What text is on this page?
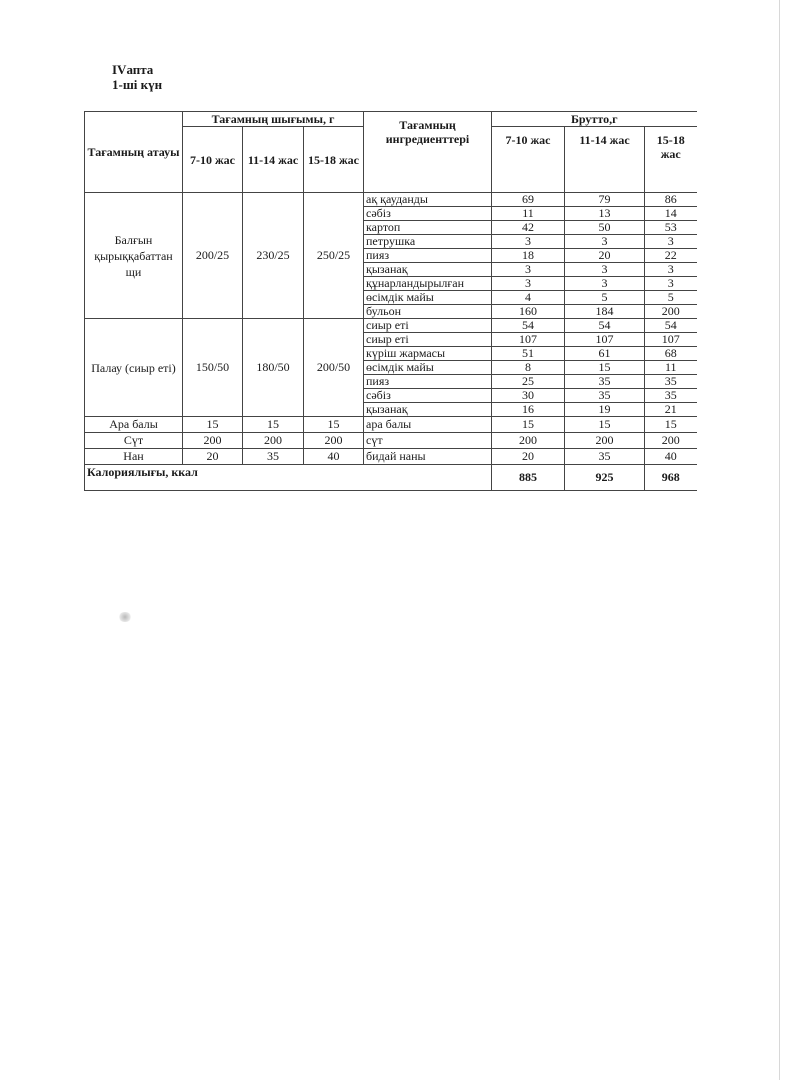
IVапта
1-ші күн
Тағамның атауы	Тағамның шығымы, г			Тағамның ингредиенттері	Брутто,г		
	7-10 жас	11-14 жас	15-18 жас		7-10 жас	11-14 жас	15-18 жас
Балғын қырыққабаттан щи	200/25	230/25	250/25	ақ қауданды	69	79	86
				сәбіз	11	13	14
				картоп	42	50	53
				петрушка	3	3	3
				пияз	18	20	22
				қызанақ	3	3	3
				құнарландырылған	3	3	3
				өсімдік майы	4	5	5
				бульон	160	184	200
Палау (сиыр еті)	150/50	180/50	200/50	сиыр еті	54	54	54
				сиыр еті	107	107	107
				күріш жармасы	51	61	68
				өсімдік майы	8	15	11
				пияз	25	35	35
				сәбіз	30	35	35
				қызанақ	16	19	21
Ара балы	15	15	15	ара балы	15	15	15
Сүт	200	200	200	сүт	200	200	200
Нан	20	35	40	бидай наны	20	35	40
Калориялығы, ккал					885	925	968
